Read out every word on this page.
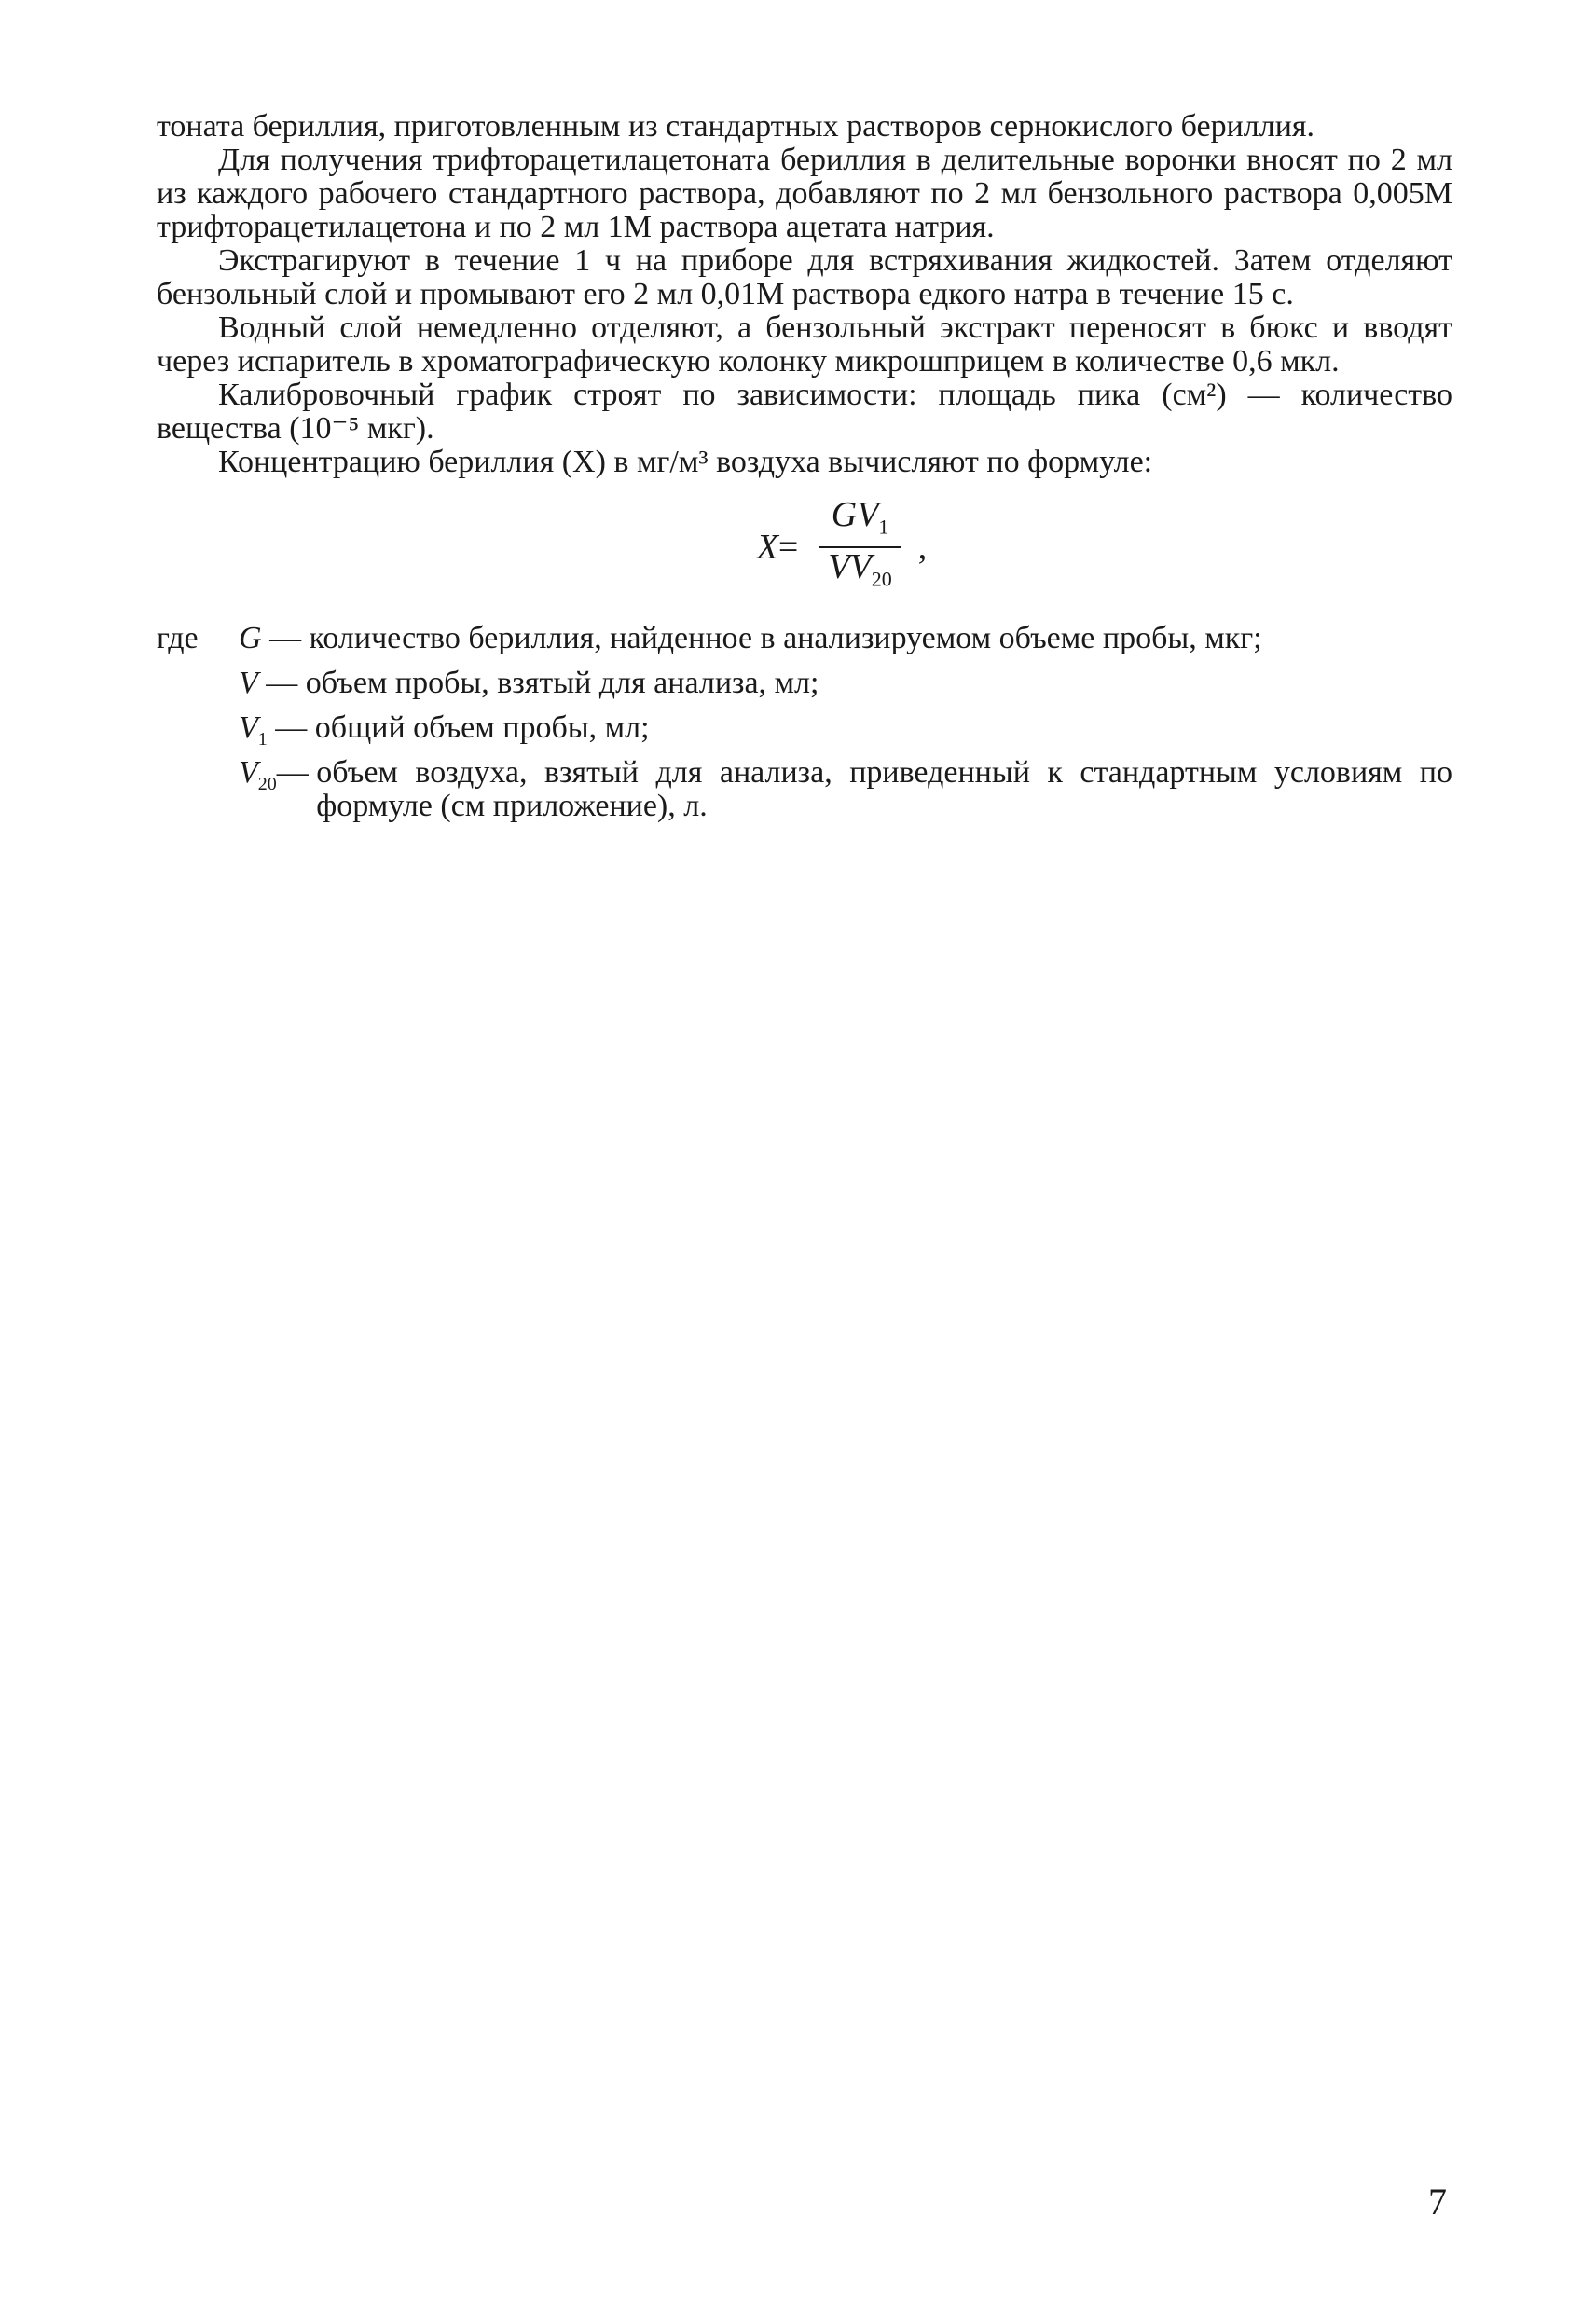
тоната бериллия, приготовленным из стандартных растворов сернокислого бериллия.

Для получения трифторацетилацетоната бериллия в делительные воронки вносят по 2 мл из каждого рабочего стандартного раствора, добавляют по 2 мл бензольного раствора 0,005М трифторацетилацетона и по 2 мл 1М раствора ацетата натрия.

Экстрагируют в течение 1 ч на приборе для встряхивания жидкостей. Затем отделяют бензольный слой и промывают его 2 мл 0,01М раствора едкого натра в течение 15 с.

Водный слой немедленно отделяют, а бензольный экстракт переносят в бюкс и вводят через испаритель в хроматографическую колонку микрошприцем в количестве 0,6 мкл.

Калибровочный график строят по зависимости: площадь пика (см²) — количество вещества (10⁻⁵ мкг).

Концентрацию бериллия (X) в мг/м³ воздуха вычисляют по формуле:

$X= \frac{GV_1}{VV_{20}}$ ,
где	G — количество бериллия, найденное в анализируемом объеме пробы, мкг;
V — объем пробы, взятый для анализа, мл;
$V_1$ — общий объем пробы, мл;
$V_{20}$ — объем воздуха, взятый для анализа, приведенный к стандартным условиям по формуле (см приложение), л.
7
